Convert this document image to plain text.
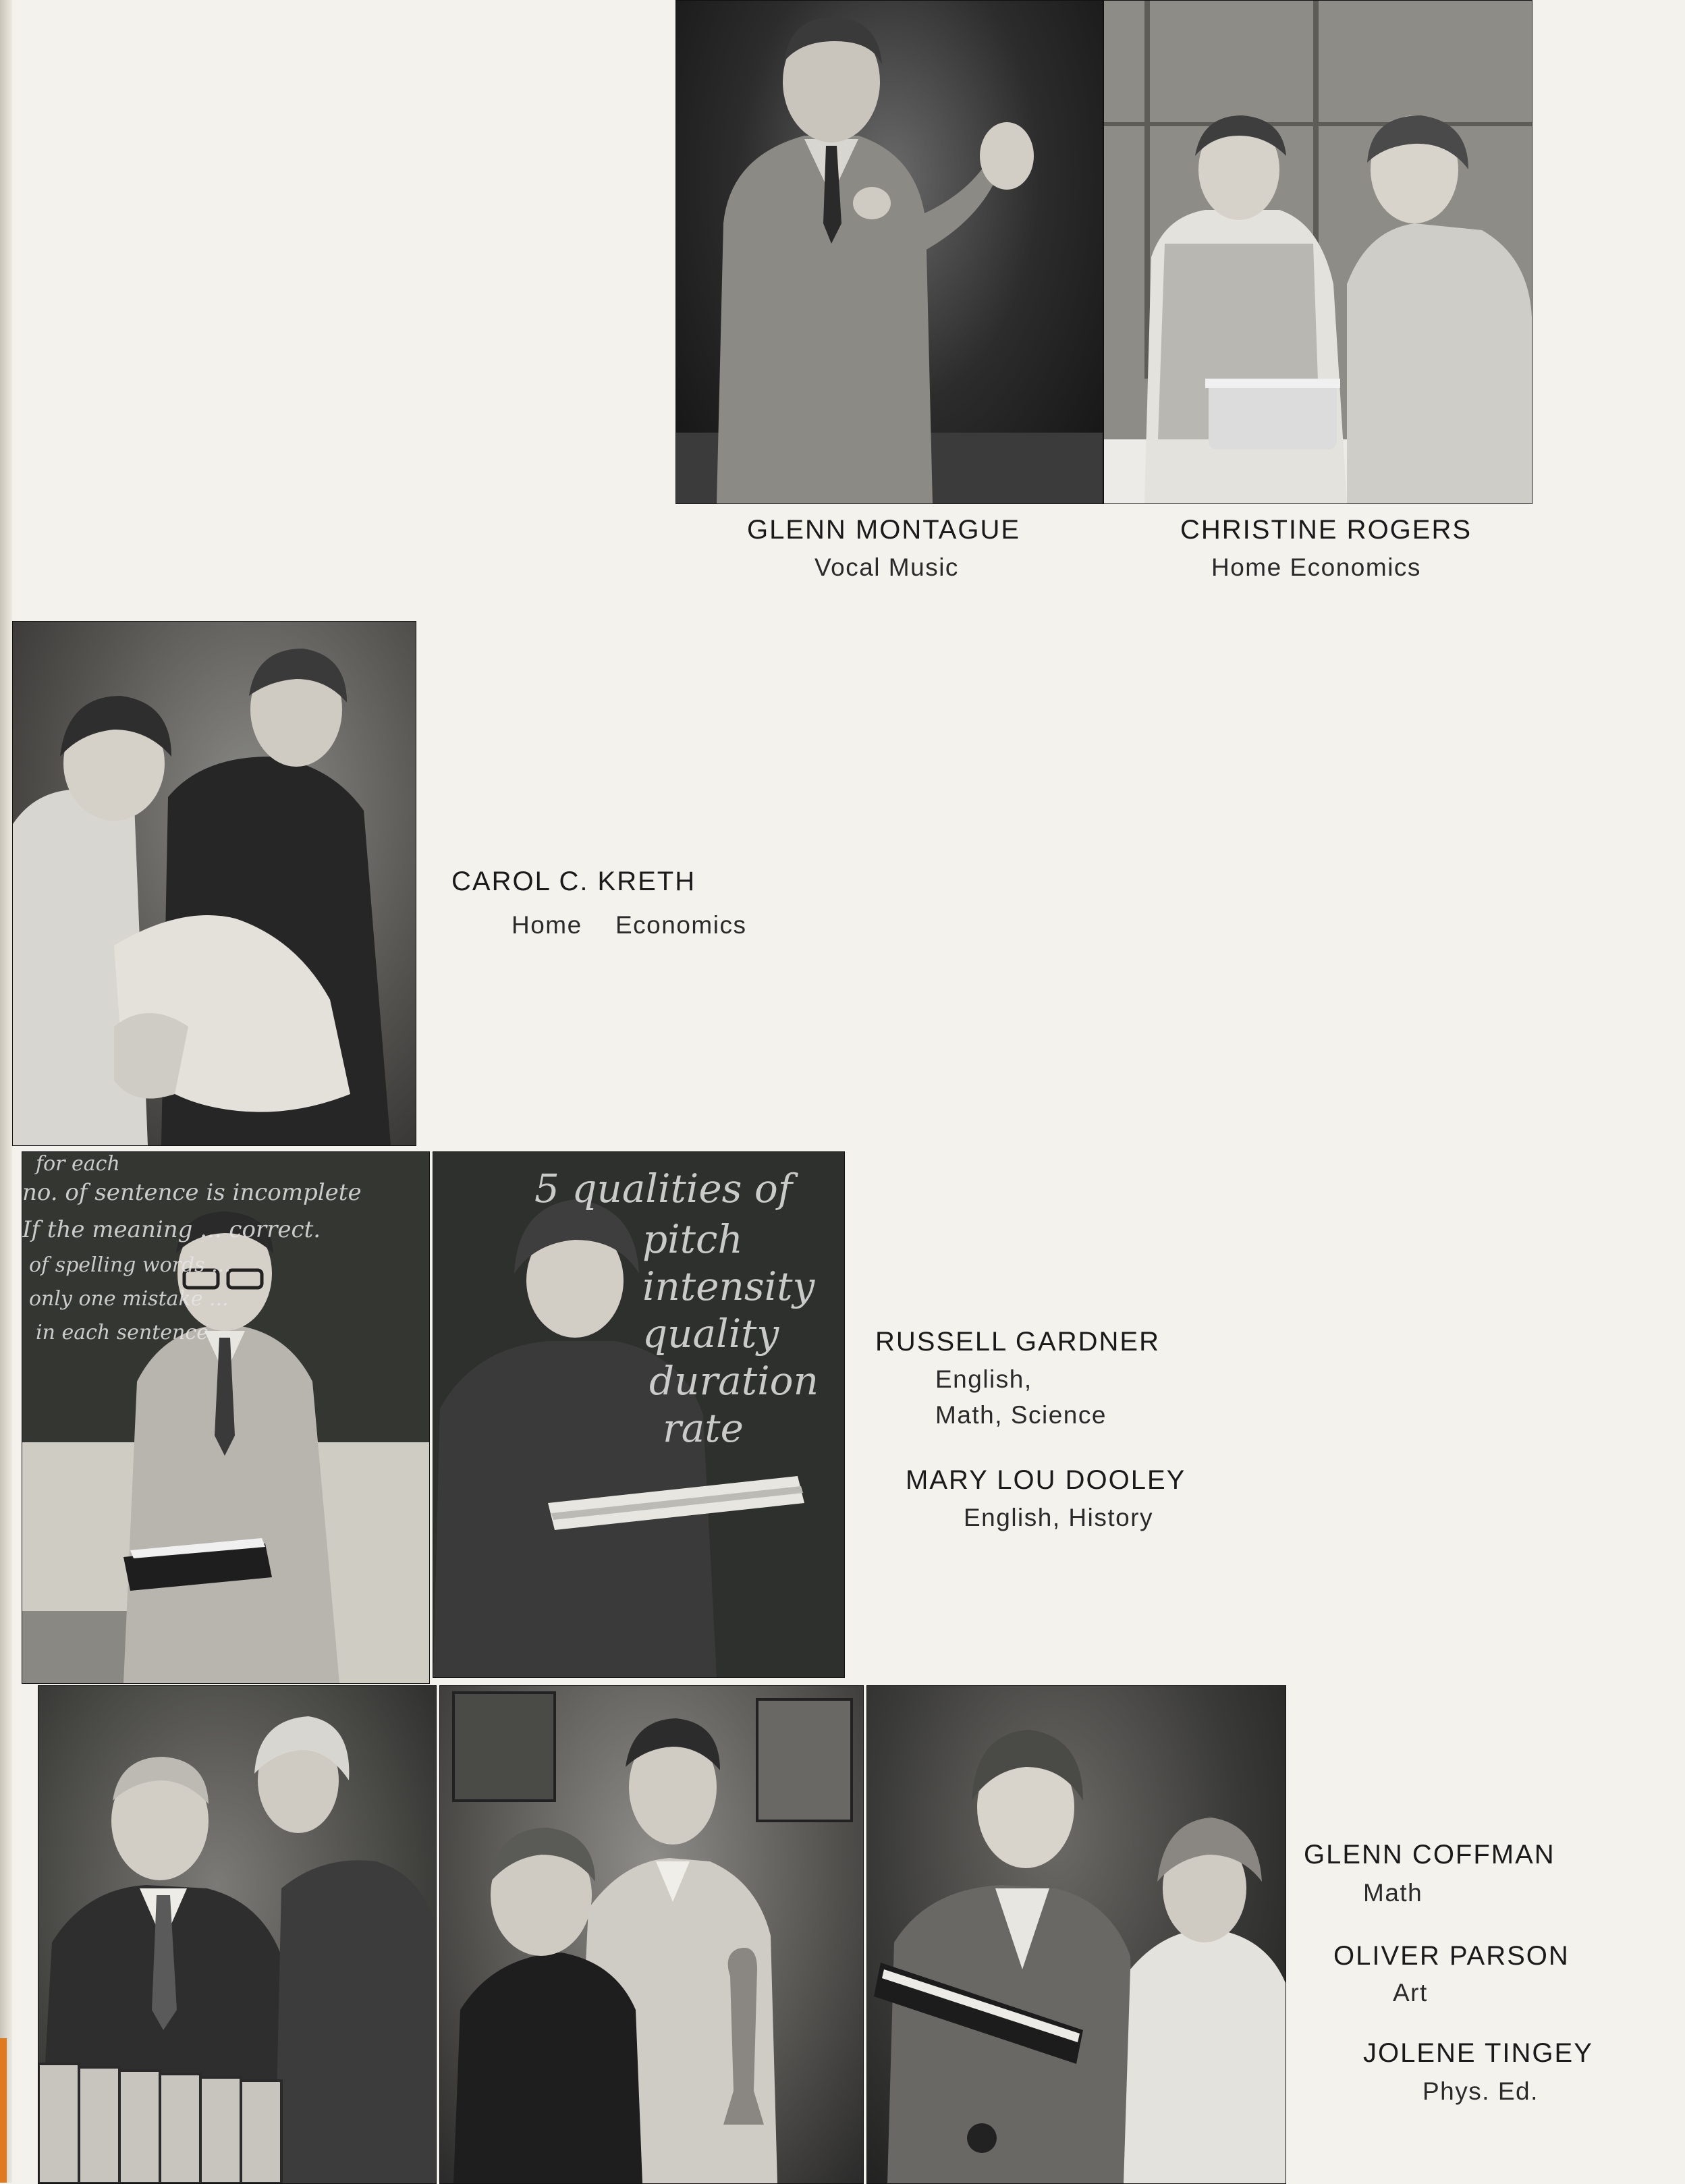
GLENN MONTAGUE
Vocal Music
CHRISTINE ROGERS
Home Economics
CAROL C. KRETH
Home Economics
for each
no. of sentence is incomplete
If the meaning ... correct.
of spelling words ...
only one mistake ...
in each sentence.
5 qualities of
pitch
intensity
quality
duration
rate
RUSSELL GARDNER
English,
Math, Science
MARY LOU DOOLEY
English, History
GLENN COFFMAN
Math
OLIVER PARSON
Art
JOLENE TINGEY
Phys. Ed.
